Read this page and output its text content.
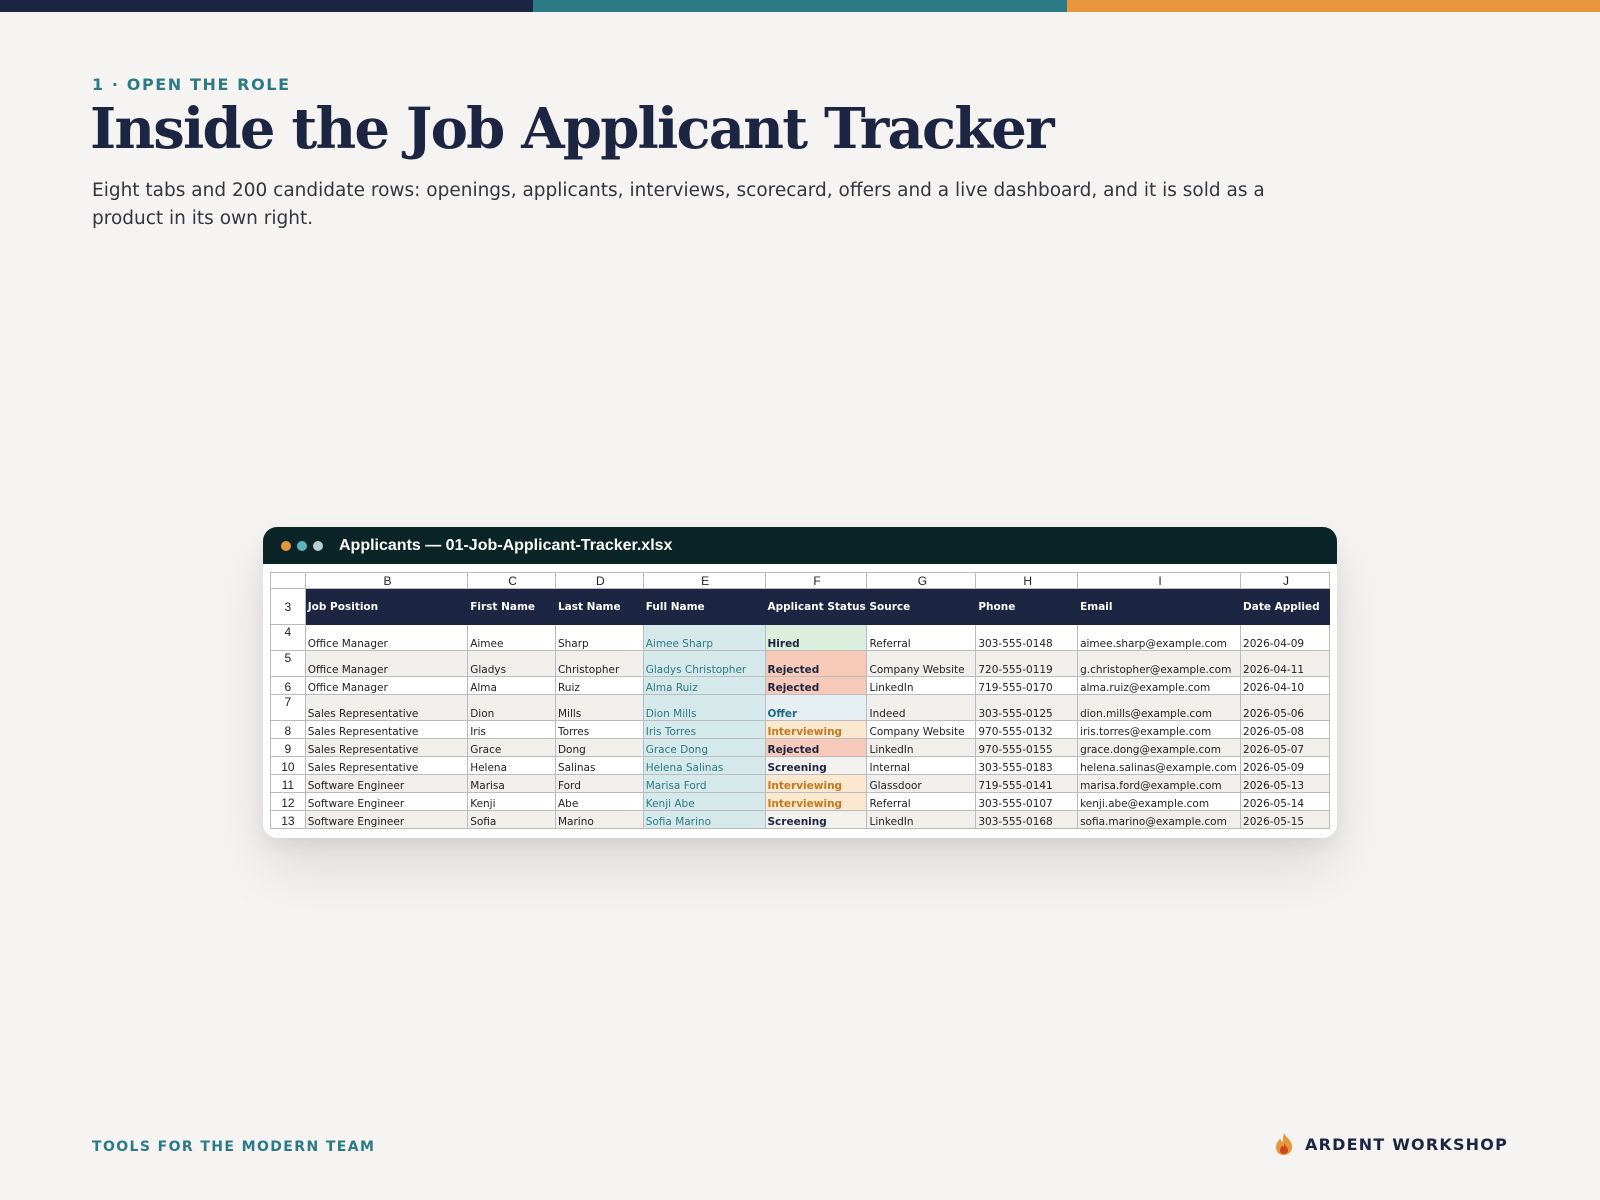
1 · OPEN THE ROLE
Inside the Job Applicant Tracker

Eight tabs and 200 candidate rows: openings, applicants, interviews, scorecard, offers and a live dashboard, and it is sold as a product in its own right.

Applicants — 01-Job-Applicant-Tracker.xlsx
	B	C	D	E	F	G	H	I	J
3	Job Position	First Name	Last Name	Full Name	Applicant Status	Source	Phone	Email	Date Applied
4	Office Manager	Aimee	Sharp	Aimee Sharp	Hired	Referral	303-555-0148	aimee.sharp@example.com	2026-04-09
5	Office Manager	Gladys	Christopher	Gladys Christopher	Rejected	Company Website	720-555-0119	g.christopher@example.com	2026-04-11
6	Office Manager	Alma	Ruiz	Alma Ruiz	Rejected	LinkedIn	719-555-0170	alma.ruiz@example.com	2026-04-10
7	Sales Representative	Dion	Mills	Dion Mills	Offer	Indeed	303-555-0125	dion.mills@example.com	2026-05-06
8	Sales Representative	Iris	Torres	Iris Torres	Interviewing	Company Website	970-555-0132	iris.torres@example.com	2026-05-08
9	Sales Representative	Grace	Dong	Grace Dong	Rejected	LinkedIn	970-555-0155	grace.dong@example.com	2026-05-07
10	Sales Representative	Helena	Salinas	Helena Salinas	Screening	Internal	303-555-0183	helena.salinas@example.com	2026-05-09
11	Software Engineer	Marisa	Ford	Marisa Ford	Interviewing	Glassdoor	719-555-0141	marisa.ford@example.com	2026-05-13
12	Software Engineer	Kenji	Abe	Kenji Abe	Interviewing	Referral	303-555-0107	kenji.abe@example.com	2026-05-14
13	Software Engineer	Sofia	Marino	Sofia Marino	Screening	LinkedIn	303-555-0168	sofia.marino@example.com	2026-05-15
TOOLS FOR THE MODERN TEAM	ARDENT WORKSHOP
